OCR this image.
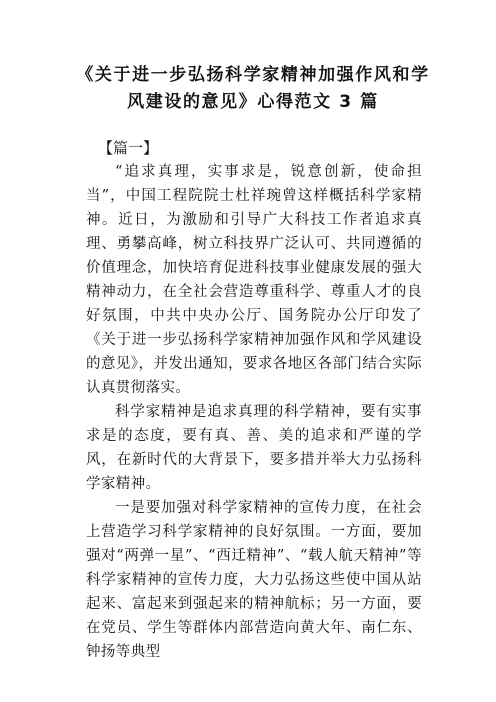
《关于进一步弘扬科学家精神加强作风和学
风建设的意见》心得范文 3 篇
【篇一】

“追求真理，实事求是，锐意创新，使命担当”，中国工程院院士杜祥琬曾这样概括科学家精神。近日，为激励和引导广大科技工作者追求真理、勇攀高峰，树立科技界广泛认可、共同遵循的价值理念，加快培育促进科技事业健康发展的强大精神动力，在全社会营造尊重科学、尊重人才的良好氛围，中共中央办公厅、国务院办公厅印发了《关于进一步弘扬科学家精神加强作风和学风建设的意见》，并发出通知，要求各地区各部门结合实际认真贯彻落实。

科学家精神是追求真理的科学精神，要有实事求是的态度，要有真、善、美的追求和严谨的学风，在新时代的大背景下，要多措并举大力弘扬科学家精神。

一是要加强对科学家精神的宣传力度，在社会上营造学习科学家精神的良好氛围。一方面，要加强对“两弹一星”、“西迁精神”、“载人航天精神”等科学家精神的宣传力度，大力弘扬这些使中国从站起来、富起来到强起来的精神航标；另一方面，要在党员、学生等群体内部营造向黄大年、南仁东、钟扬等典型
